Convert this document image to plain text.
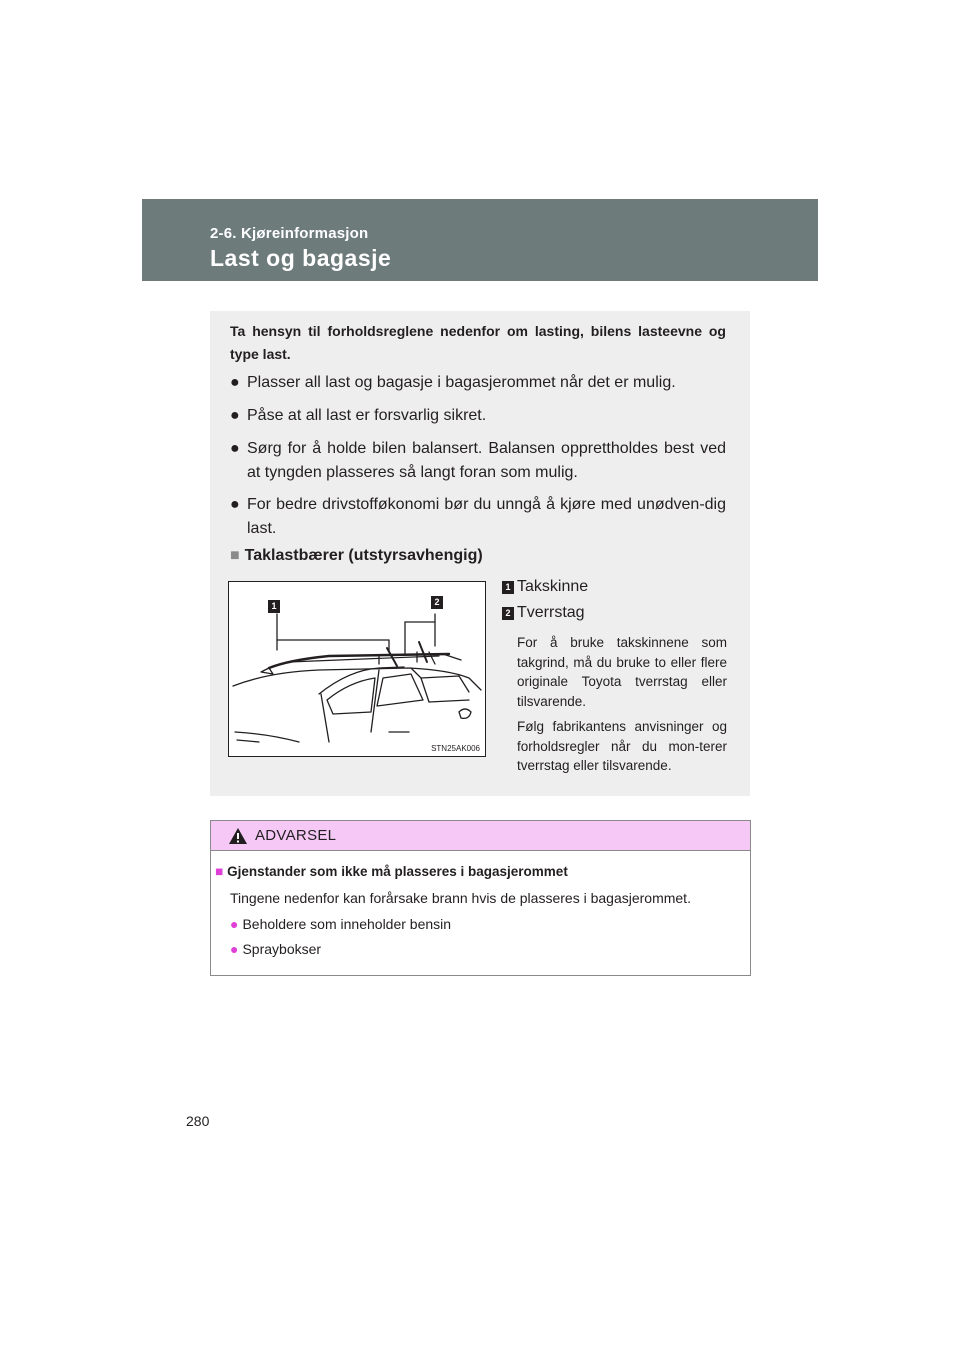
2-6. Kjøreinformasjon
Last og bagasje
Ta hensyn til forholdsreglene nedenfor om lasting, bilens lasteevne og type last.
● Plasser all last og bagasje i bagasjerommet når det er mulig.
● Påse at all last er forsvarlig sikret.
● Sørg for å holde bilen balansert. Balansen opprettholdes best ved at tyngden plasseres så langt foran som mulig.
● For bedre drivstofføkonomi bør du unngå å kjøre med unødven-dig last.
■ Taklastbærer (utstyrsavhengig)
1	2
STN25AK006
1 Takskinne
2 Tverrstag
For å bruke takskinnene som takgrind, må du bruke to eller flere originale Toyota tverrstag eller tilsvarende.
Følg fabrikantens anvisninger og forholdsregler når du mon-terer tverrstag eller tilsvarende.
ADVARSEL
■ Gjenstander som ikke må plasseres i bagasjerommet
Tingene nedenfor kan forårsake brann hvis de plasseres i bagasjerommet.
● Beholdere som inneholder bensin
● Spraybokser
280
